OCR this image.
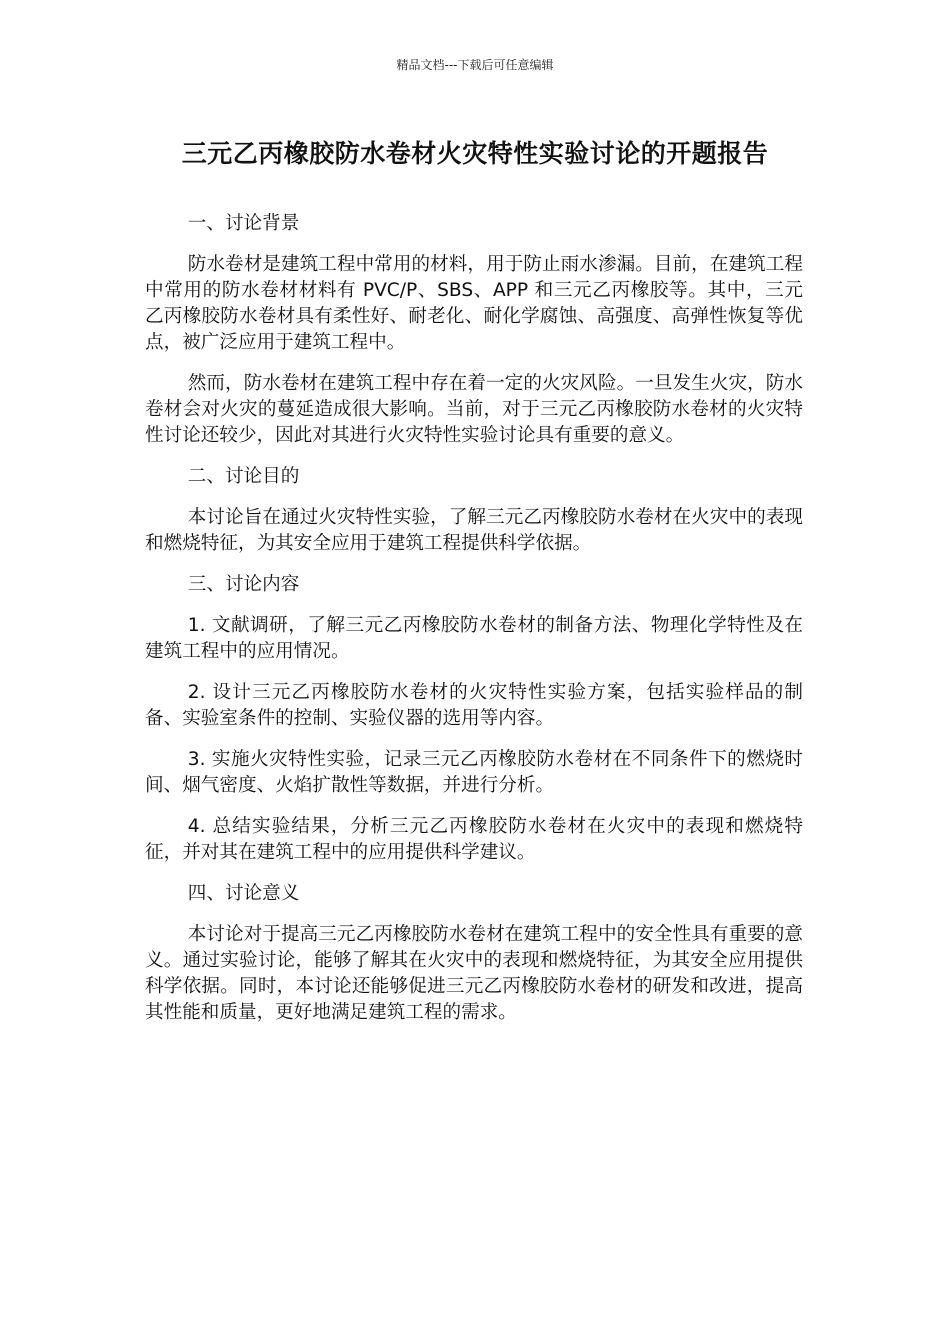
精品文档---下载后可任意编辑
三元乙丙橡胶防水卷材火灾特性实验讨论的开题报告

一、讨论背景

防水卷材是建筑工程中常用的材料，用于防止雨水渗漏。目前，在建筑工程中常用的防水卷材材料有 PVC/P、SBS、APP 和三元乙丙橡胶等。其中，三元乙丙橡胶防水卷材具有柔性好、耐老化、耐化学腐蚀、高强度、高弹性恢复等优点，被广泛应用于建筑工程中。

然而，防水卷材在建筑工程中存在着一定的火灾风险。一旦发生火灾，防水卷材会对火灾的蔓延造成很大影响。当前，对于三元乙丙橡胶防水卷材的火灾特性讨论还较少，因此对其进行火灾特性实验讨论具有重要的意义。

二、讨论目的

本讨论旨在通过火灾特性实验，了解三元乙丙橡胶防水卷材在火灾中的表现和燃烧特征，为其安全应用于建筑工程提供科学依据。

三、讨论内容

1. 文献调研，了解三元乙丙橡胶防水卷材的制备方法、物理化学特性及在建筑工程中的应用情况。

2. 设计三元乙丙橡胶防水卷材的火灾特性实验方案，包括实验样品的制备、实验室条件的控制、实验仪器的选用等内容。

3. 实施火灾特性实验，记录三元乙丙橡胶防水卷材在不同条件下的燃烧时间、烟气密度、火焰扩散性等数据，并进行分析。

4. 总结实验结果，分析三元乙丙橡胶防水卷材在火灾中的表现和燃烧特征，并对其在建筑工程中的应用提供科学建议。

四、讨论意义

本讨论对于提高三元乙丙橡胶防水卷材在建筑工程中的安全性具有重要的意义。通过实验讨论，能够了解其在火灾中的表现和燃烧特征，为其安全应用提供科学依据。同时，本讨论还能够促进三元乙丙橡胶防水卷材的研发和改进，提高其性能和质量，更好地满足建筑工程的需求。
